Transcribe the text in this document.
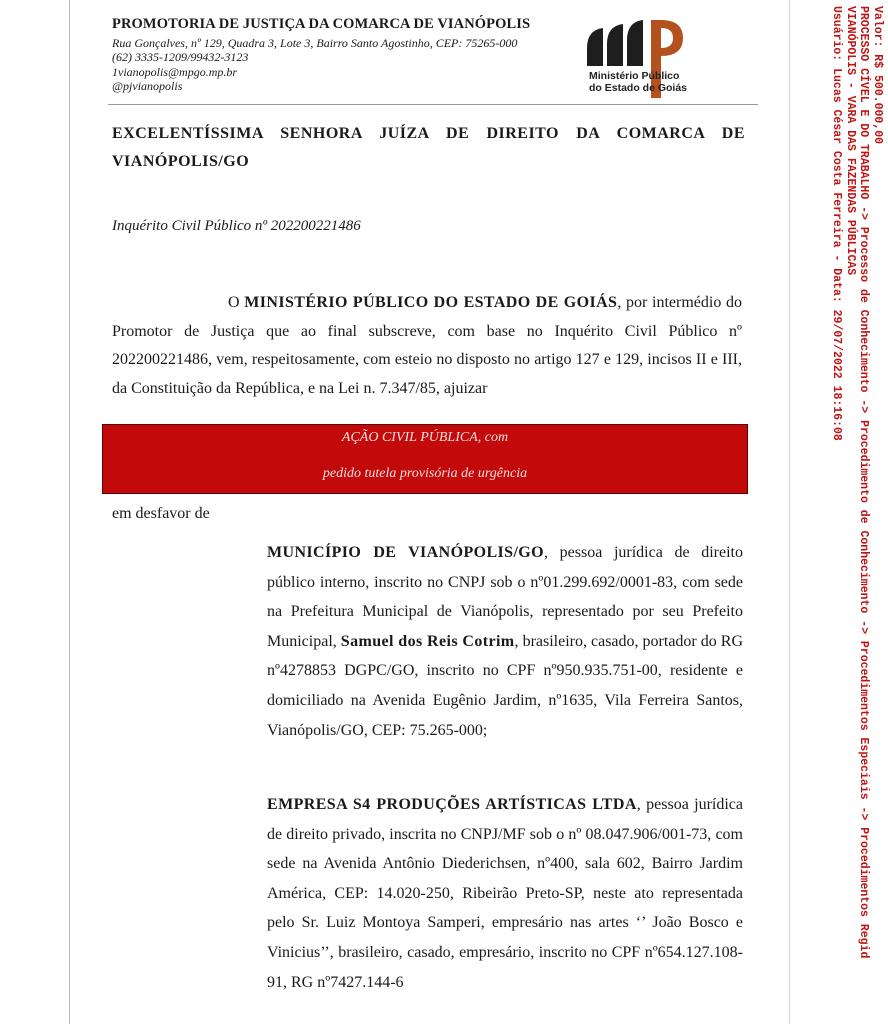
PROMOTORIA DE JUSTIÇA DA COMARCA DE VIANÓPOLIS
Rua Gonçalves, nº 129, Quadra 3, Lote 3, Bairro Santo Agostinho, CEP: 75265-000
(62) 3335-1209/99432-3123
1vianopolis@mpgo.mp.br
@pjvianopolis
Ministério Público
do Estado de Goiás
EXCELENTÍSSIMA SENHORA JUÍZA DE DIREITO DA COMARCA DE VIANÓPOLIS/GO
Inquérito Civil Público nº 202200221486
O MINISTÉRIO PÚBLICO DO ESTADO DE GOIÁS, por intermédio do Promotor de Justiça que ao final subscreve, com base no Inquérito Civil Público nº 202200221486, vem, respeitosamente, com esteio no disposto no artigo 127 e 129, incisos II e III, da Constituição da República, e na Lei n. 7.347/85, ajuizar
AÇÃO CIVIL PÚBLICA, com
pedido tutela provisória de urgência
em desfavor de
MUNICÍPIO DE VIANÓPOLIS/GO, pessoa jurídica de direito público interno, inscrito no CNPJ sob o nº01.299.692/0001-83, com sede na Prefeitura Municipal de Vianópolis, representado por seu Prefeito Municipal, Samuel dos Reis Cotrim, brasileiro, casado, portador do RG nº4278853 DGPC/GO, inscrito no CPF nº950.935.751-00, residente e domiciliado na Avenida Eugênio Jardim, nº1635, Vila Ferreira Santos, Vianópolis/GO, CEP: 75.265-000;
EMPRESA S4 PRODUÇÕES ARTÍSTICAS LTDA, pessoa jurídica de direito privado, inscrita no CNPJ/MF sob o nº 08.047.906/001-73, com sede na Avenida Antônio Diederichsen, nº400, sala 602, Bairro Jardim América, CEP: 14.020-250, Ribeirão Preto-SP, neste ato representada pelo Sr. Luiz Montoya Samperi, empresário nas artes ‘’ João Bosco e Vinicius’’, brasileiro, casado, empresário, inscrito no CPF nº654.127.108-91, RG nº7427.144-6
Valor: R$ 500.000,00
PROCESSO CÍVEL E DO TRABALHO -> Processo de Conhecimento -> Procedimento de Conhecimento -> Procedimentos Especiais -> Procedimentos Regid
VIANÓPOLIS - VARA DAS FAZENDAS PÚBLICAS
Usuário: Lucas César Costa Ferreira - Data: 29/07/2022 18:16:08
